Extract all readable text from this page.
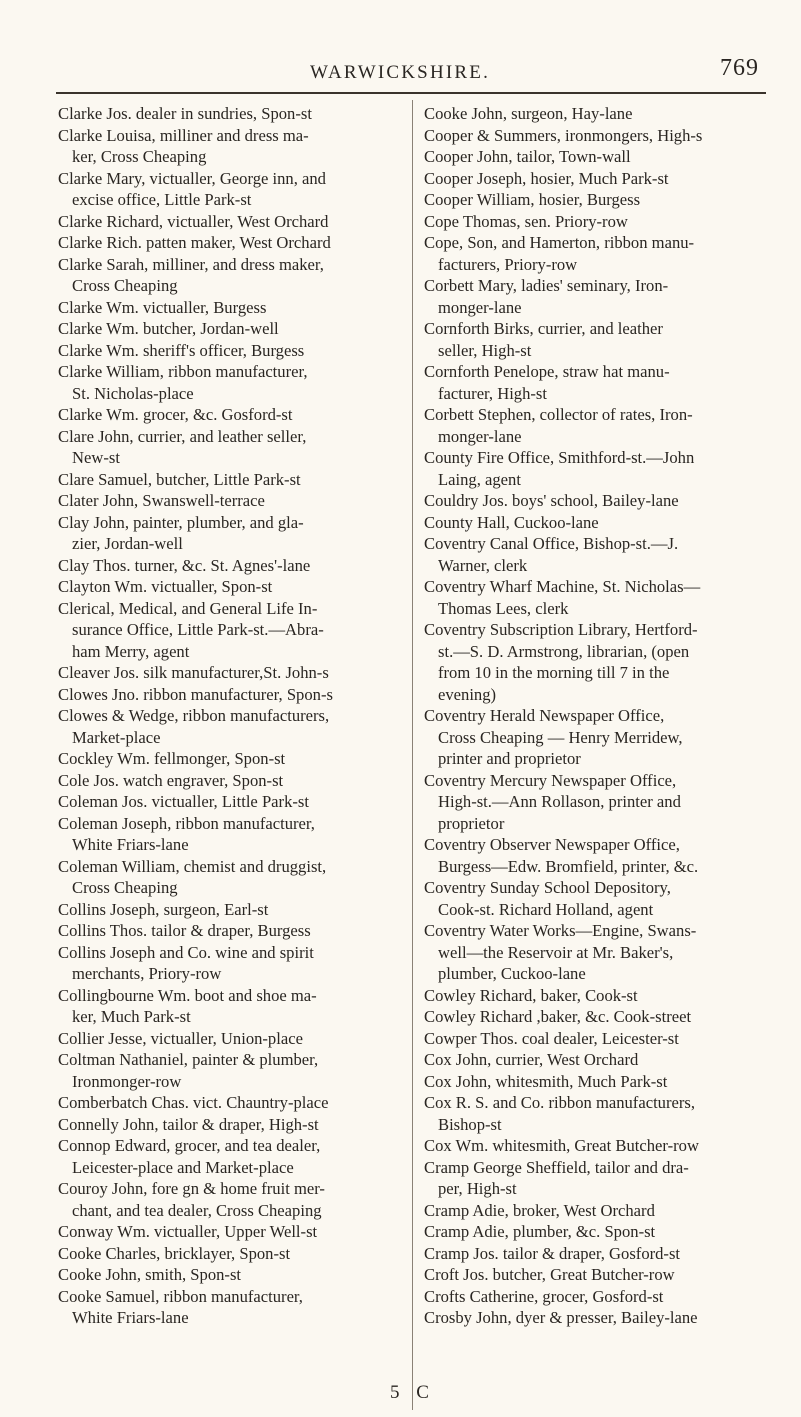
WARWICKSHIRE.	769
Clarke Jos. dealer in sundries, Spon-st
Clarke Louisa, milliner and dress ma-
ker, Cross Cheaping
Clarke Mary, victualler, George inn, and
excise office, Little Park-st
Clarke Richard, victualler, West Orchard
Clarke Rich. patten maker, West Orchard
Clarke Sarah, milliner, and dress maker,
Cross Cheaping
Clarke Wm. victualler, Burgess
Clarke Wm. butcher, Jordan-well
Clarke Wm. sheriff's officer, Burgess
Clarke William, ribbon manufacturer,
St. Nicholas-place
Clarke Wm. grocer, &c. Gosford-st
Clare John, currier, and leather seller,
New-st
Clare Samuel, butcher, Little Park-st
Clater John, Swanswell-terrace
Clay John, painter, plumber, and gla-
zier, Jordan-well
Clay Thos. turner, &c. St. Agnes'-lane
Clayton Wm. victualler, Spon-st
Clerical, Medical, and General Life In-
surance Office, Little Park-st.—Abra-
ham Merry, agent
Cleaver Jos. silk manufacturer,St. John-s
Clowes Jno. ribbon manufacturer, Spon-s
Clowes & Wedge, ribbon manufacturers,
Market-place
Cockley Wm. fellmonger, Spon-st
Cole Jos. watch engraver, Spon-st
Coleman Jos. victualler, Little Park-st
Coleman Joseph, ribbon manufacturer,
White Friars-lane
Coleman William, chemist and druggist,
Cross Cheaping
Collins Joseph, surgeon, Earl-st
Collins Thos. tailor & draper, Burgess
Collins Joseph and Co. wine and spirit
merchants, Priory-row
Collingbourne Wm. boot and shoe ma-
ker, Much Park-st
Collier Jesse, victualler, Union-place
Coltman Nathaniel, painter & plumber,
Ironmonger-row
Comberbatch Chas. vict. Chauntry-place
Connelly John, tailor & draper, High-st
Connop Edward, grocer, and tea dealer,
Leicester-place and Market-place
Couroy John, fore gn & home fruit mer-
chant, and tea dealer, Cross Cheaping
Conway Wm. victualler, Upper Well-st
Cooke Charles, bricklayer, Spon-st
Cooke John, smith, Spon-st
Cooke Samuel, ribbon manufacturer,
White Friars-lane
Cooke John, surgeon, Hay-lane
Cooper & Summers, ironmongers, High-s
Cooper John, tailor, Town-wall
Cooper Joseph, hosier, Much Park-st
Cooper William, hosier, Burgess
Cope Thomas, sen. Priory-row
Cope, Son, and Hamerton, ribbon manu-
facturers, Priory-row
Corbett Mary, ladies' seminary, Iron-
monger-lane
Cornforth Birks, currier, and leather
seller, High-st
Cornforth Penelope, straw hat manu-
facturer, High-st
Corbett Stephen, collector of rates, Iron-
monger-lane
County Fire Office, Smithford-st.—John
Laing, agent
Couldry Jos. boys' school, Bailey-lane
County Hall, Cuckoo-lane
Coventry Canal Office, Bishop-st.—J.
Warner, clerk
Coventry Wharf Machine, St. Nicholas—
Thomas Lees, clerk
Coventry Subscription Library, Hertford-
st.—S. D. Armstrong, librarian, (open
from 10 in the morning till 7 in the
evening)
Coventry Herald Newspaper Office,
Cross Cheaping — Henry Merridew,
printer and proprietor
Coventry Mercury Newspaper Office,
High-st.—Ann Rollason, printer and
proprietor
Coventry Observer Newspaper Office,
Burgess—Edw. Bromfield, printer, &c.
Coventry Sunday School Depository,
Cook-st. Richard Holland, agent
Coventry Water Works—Engine, Swans-
well—the Reservoir at Mr. Baker's,
plumber, Cuckoo-lane
Cowley Richard, baker, Cook-st
Cowley Richard ,baker, &c. Cook-street
Cowper Thos. coal dealer, Leicester-st
Cox John, currier, West Orchard
Cox John, whitesmith, Much Park-st
Cox R. S. and Co. ribbon manufacturers,
Bishop-st
Cox Wm. whitesmith, Great Butcher-row
Cramp George Sheffield, tailor and dra-
per, High-st
Cramp Adie, broker, West Orchard
Cramp Adie, plumber, &c. Spon-st
Cramp Jos. tailor & draper, Gosford-st
Croft Jos. butcher, Great Butcher-row
Crofts Catherine, grocer, Gosford-st
Crosby John, dyer & presser, Bailey-lane
5 C
